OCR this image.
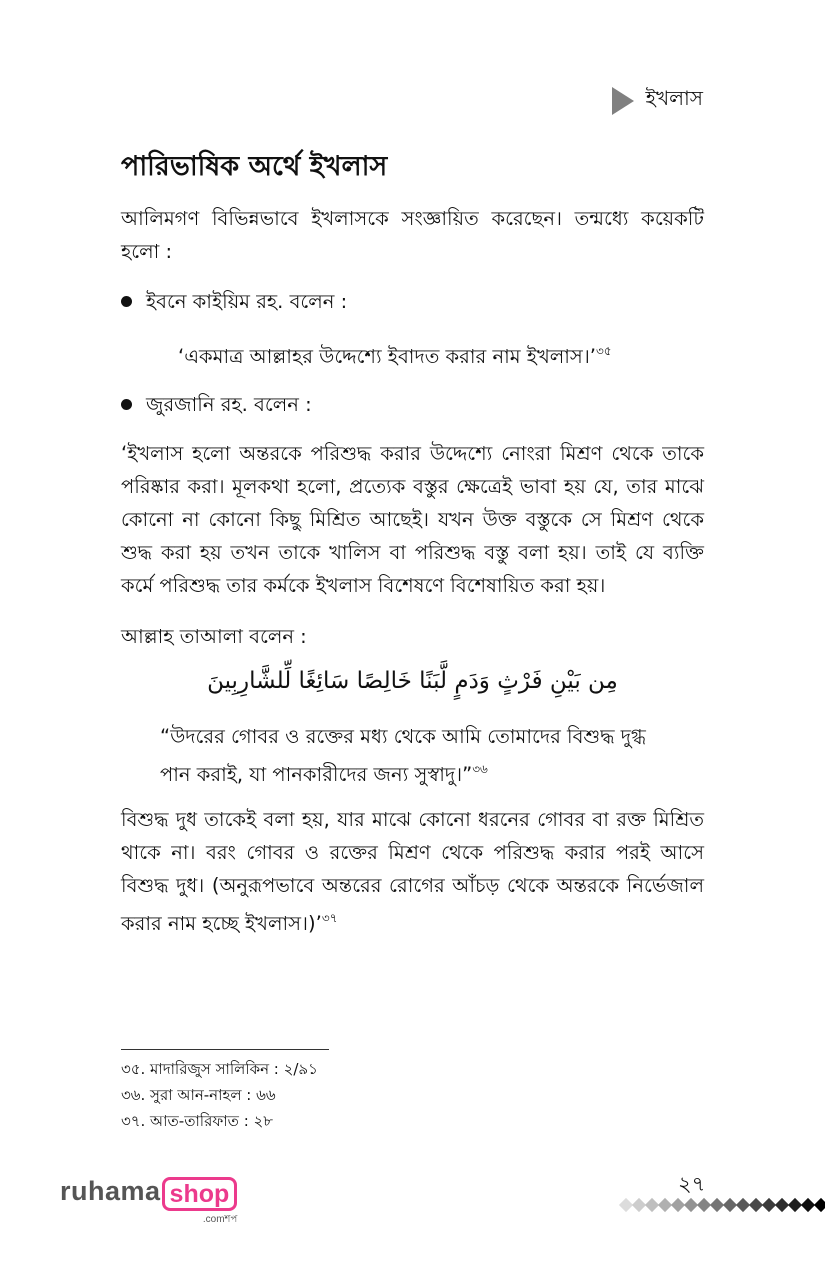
ইখলাস
পারিভাষিক অর্থে ইখলাস

আলিমগণ বিভিন্নভাবে ইখলাসকে সংজ্ঞায়িত করেছেন। তন্মধ্যে কয়েকটি হলো :

ইবনে কাইয়িম রহ. বলেন :

‘একমাত্র আল্লাহর উদ্দেশ্যে ইবাদত করার নাম ইখলাস।’$^{৩৫}$

জুরজানি রহ. বলেন :

‘ইখলাস হলো অন্তরকে পরিশুদ্ধ করার উদ্দেশ্যে নোংরা মিশ্রণ থেকে তাকে পরিষ্কার করা। মূলকথা হলো, প্রত্যেক বস্তুর ক্ষেত্রেই ভাবা হয় যে, তার মাঝে কোনো না কোনো কিছু মিশ্রিত আছেই। যখন উক্ত বস্তুকে সে মিশ্রণ থেকে শুদ্ধ করা হয় তখন তাকে খালিস বা পরিশুদ্ধ বস্তু বলা হয়। তাই যে ব্যক্তি কর্মে পরিশুদ্ধ তার কর্মকে ইখলাস বিশেষণে বিশেষায়িত করা হয়।

আল্লাহ তাআলা বলেন :

مِن بَيْنِ فَرْثٍ وَدَمٍ لَّبَنًا خَالِصًا سَائِغًا لِّلشَّارِبِينَ
“উদরের গোবর ও রক্তের মধ্য থেকে আমি তোমাদের বিশুদ্ধ দুগ্ধ
পান করাই, যা পানকারীদের জন্য সুস্বাদু।”$^{৩৬}$

বিশুদ্ধ দুধ তাকেই বলা হয়, যার মাঝে কোনো ধরনের গোবর বা রক্ত মিশ্রিত থাকে না। বরং গোবর ও রক্তের মিশ্রণ থেকে পরিশুদ্ধ করার পরই আসে বিশুদ্ধ দুধ। (অনুরূপভাবে অন্তরের রোগের আঁচড় থেকে অন্তরকে নির্ভেজাল করার নাম হচ্ছে ইখলাস।)’$^{৩৭}$

৩৫. মাদারিজুস সালিকিন : ২/৯১
৩৬. সুরা আন-নাহল : ৬৬
৩৭. আত-তারিফাত : ২৮
২৭
ruhama shop
.comশপ
